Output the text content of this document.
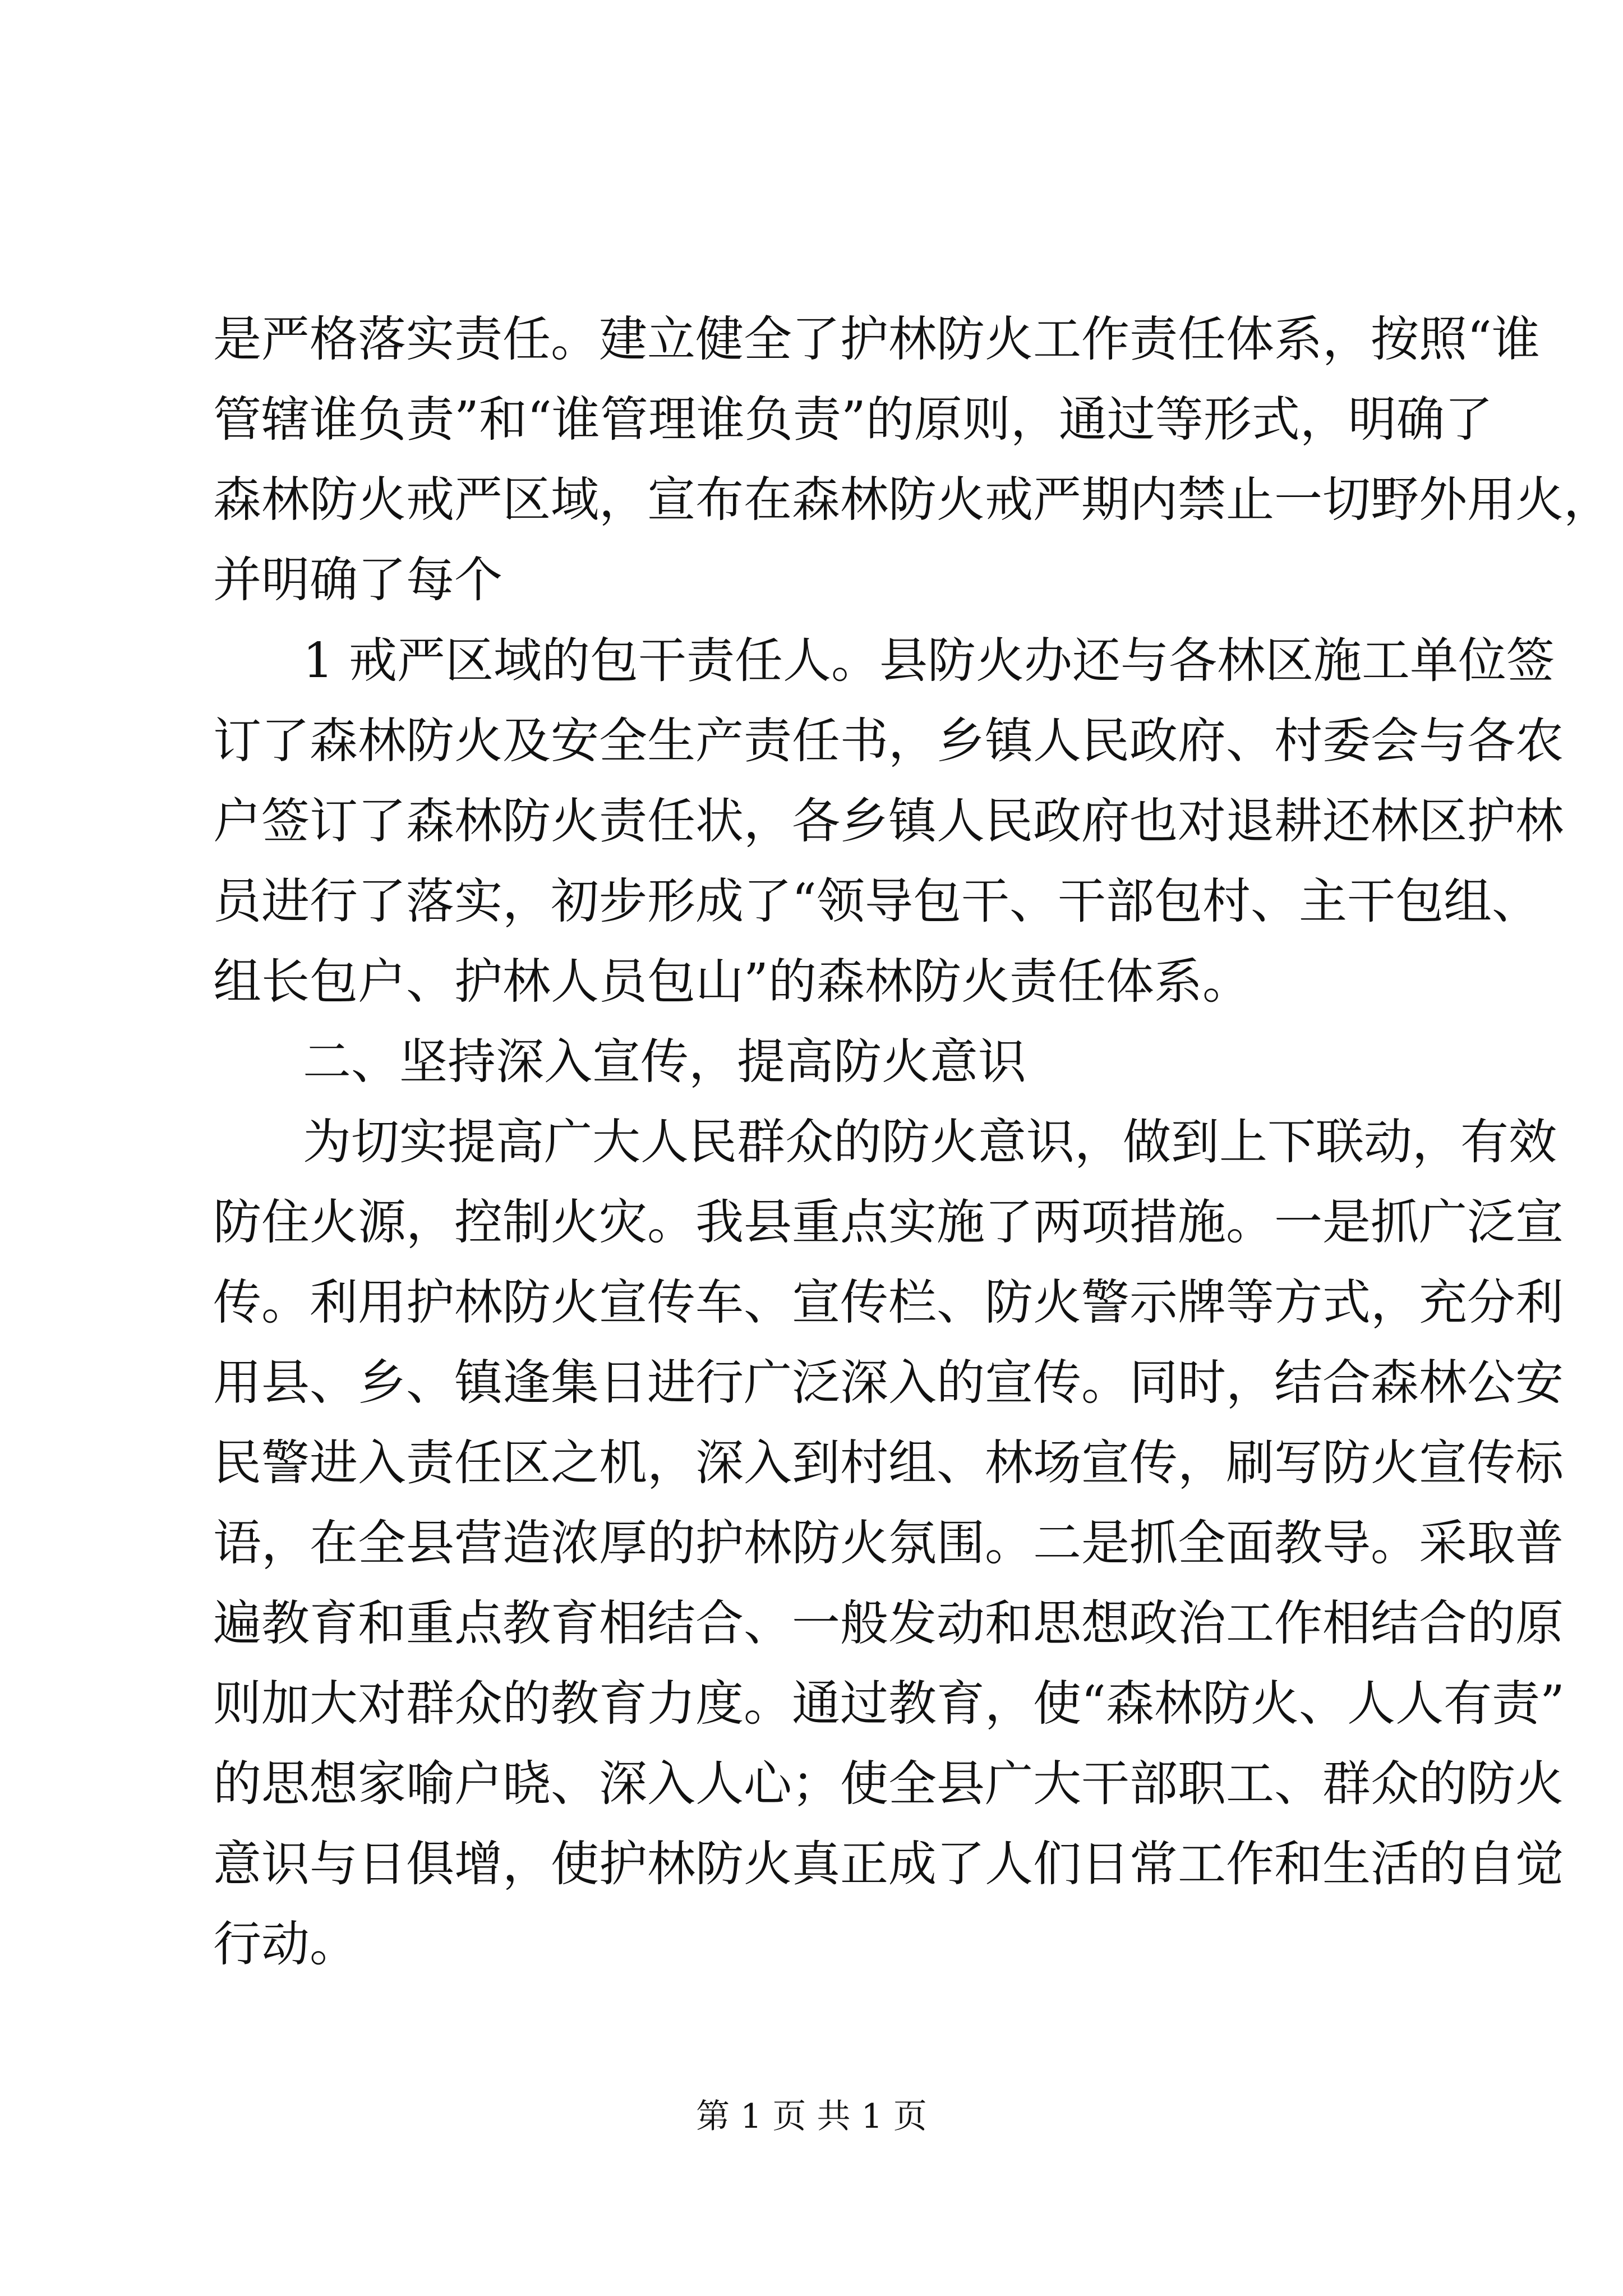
是严格落实责任。建立健全了护林防火工作责任体系，按照“谁
管辖谁负责”和“谁管理谁负责”的原则，通过等形式，明确了
森林防火戒严区域，宣布在森林防火戒严期内禁止一切野外用火，
并明确了每个
1 戒严区域的包干责任人。县防火办还与各林区施工单位签
订了森林防火及安全生产责任书，乡镇人民政府、村委会与各农
户签订了森林防火责任状，各乡镇人民政府也对退耕还林区护林
员进行了落实，初步形成了“领导包干、干部包村、主干包组、
组长包户、护林人员包山”的森林防火责任体系。
二、坚持深入宣传，提高防火意识
为切实提高广大人民群众的防火意识，做到上下联动，有效
防住火源，控制火灾。我县重点实施了两项措施。一是抓广泛宣
传。利用护林防火宣传车、宣传栏、防火警示牌等方式，充分利
用县、乡、镇逢集日进行广泛深入的宣传。同时，结合森林公安
民警进入责任区之机，深入到村组、林场宣传，刷写防火宣传标
语，在全县营造浓厚的护林防火氛围。二是抓全面教导。采取普
遍教育和重点教育相结合、一般发动和思想政治工作相结合的原
则加大对群众的教育力度。通过教育，使“森林防火、人人有责”
的思想家喻户晓、深入人心；使全县广大干部职工、群众的防火
意识与日俱增，使护林防火真正成了人们日常工作和生活的自觉
行动。
第 1 页 共 1 页
